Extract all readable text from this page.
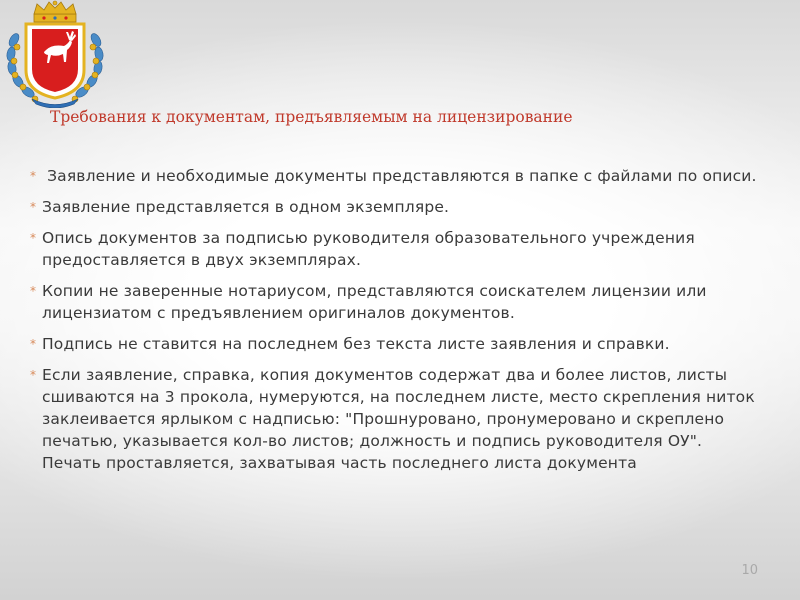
Требования к документам, предъявляемым на лицензирование
* Заявление и необходимые документы представляются в папке с файлами по описи.
* Заявление представляется в одном экземпляре.
* Опись документов за подписью руководителя образовательного учреждения предоставляется в двух экземплярах.
* Копии не заверенные нотариусом, представляются соискателем лицензии или лицензиатом с предъявлением оригиналов документов.
* Подпись не ставится на последнем без текста листе заявления и справки.
* Если заявление, справка, копия документов содержат два и более листов, листы сшиваются на 3 прокола, нумеруются, на последнем листе, место скрепления ниток заклеивается ярлыком с надписью: "Прошнуровано, пронумеровано и скреплено печатью, указывается кол-во листов; должность и подпись руководителя ОУ". Печать проставляется, захватывая часть последнего листа документа
10
